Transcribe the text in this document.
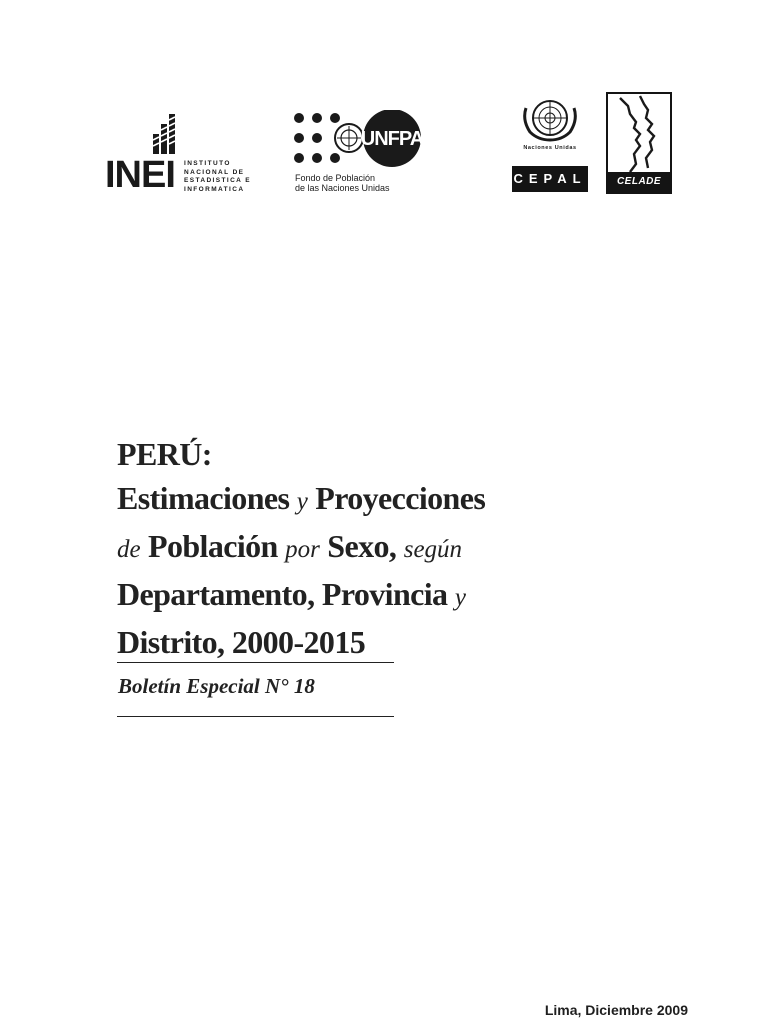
INEI INSTITUTO
NACIONAL DE
ESTADISTICA E
INFORMATICA
UNFPA
Fondo de Población
de las Naciones Unidas
Naciones Unidas
CEPAL	CELADE
PERÚ:
Estimaciones y Proyecciones
de Población por Sexo, según
Departamento, Provincia y
Distrito, 2000-2015
Boletín Especial N° 18
Lima, Diciembre 2009
